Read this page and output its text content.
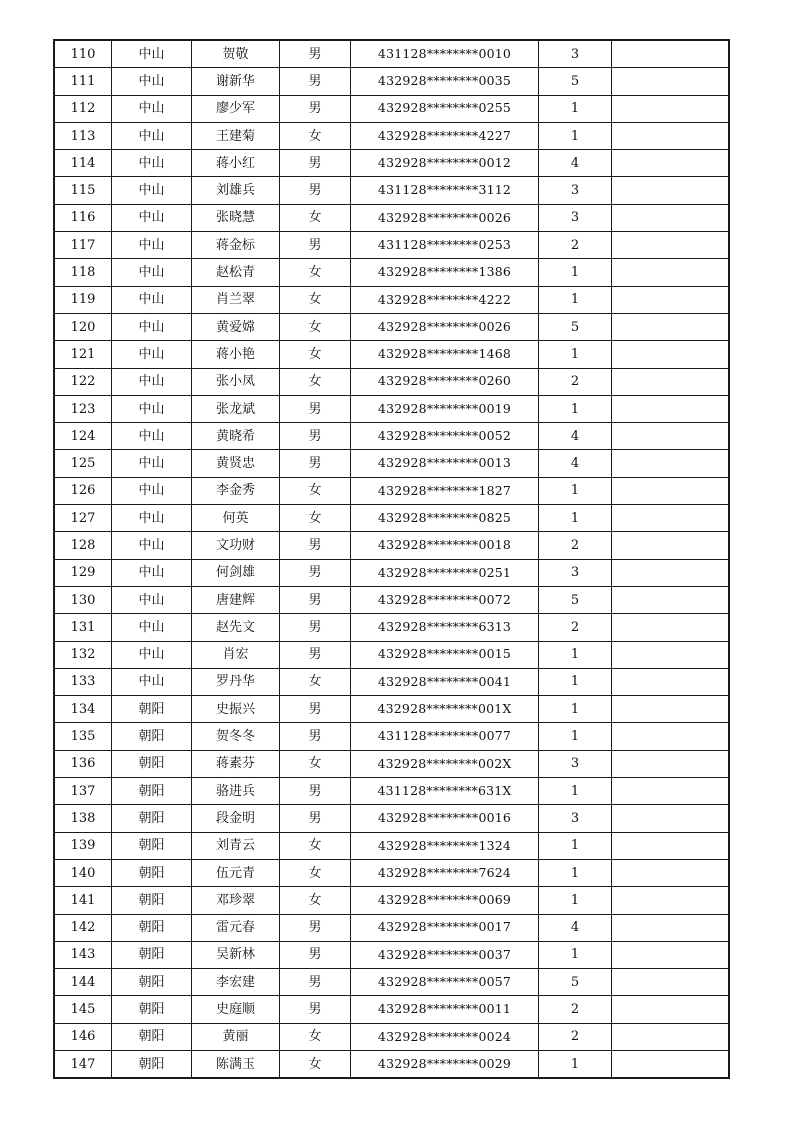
110	中山	贺敬	男	431128********0010	3	
111	中山	谢新华	男	432928********0035	5	
112	中山	廖少军	男	432928********0255	1	
113	中山	王建菊	女	432928********4227	1	
114	中山	蒋小红	男	432928********0012	4	
115	中山	刘雄兵	男	431128********3112	3	
116	中山	张晓慧	女	432928********0026	3	
117	中山	蒋金标	男	431128********0253	2	
118	中山	赵松青	女	432928********1386	1	
119	中山	肖兰翠	女	432928********4222	1	
120	中山	黄爱嫦	女	432928********0026	5	
121	中山	蒋小艳	女	432928********1468	1	
122	中山	张小凤	女	432928********0260	2	
123	中山	张龙斌	男	432928********0019	1	
124	中山	黄晓希	男	432928********0052	4	
125	中山	黄贤忠	男	432928********0013	4	
126	中山	李金秀	女	432928********1827	1	
127	中山	何英	女	432928********0825	1	
128	中山	文功财	男	432928********0018	2	
129	中山	何剑雄	男	432928********0251	3	
130	中山	唐建辉	男	432928********0072	5	
131	中山	赵先文	男	432928********6313	2	
132	中山	肖宏	男	432928********0015	1	
133	中山	罗丹华	女	432928********0041	1	
134	朝阳	史振兴	男	432928********001X	1	
135	朝阳	贺冬冬	男	431128********0077	1	
136	朝阳	蒋素芬	女	432928********002X	3	
137	朝阳	骆进兵	男	431128********631X	1	
138	朝阳	段金明	男	432928********0016	3	
139	朝阳	刘青云	女	432928********1324	1	
140	朝阳	伍元青	女	432928********7624	1	
141	朝阳	邓珍翠	女	432928********0069	1	
142	朝阳	雷元春	男	432928********0017	4	
143	朝阳	吴新林	男	432928********0037	1	
144	朝阳	李宏建	男	432928********0057	5	
145	朝阳	史庭顺	男	432928********0011	2	
146	朝阳	黄丽	女	432928********0024	2	
147	朝阳	陈满玉	女	432928********0029	1	
